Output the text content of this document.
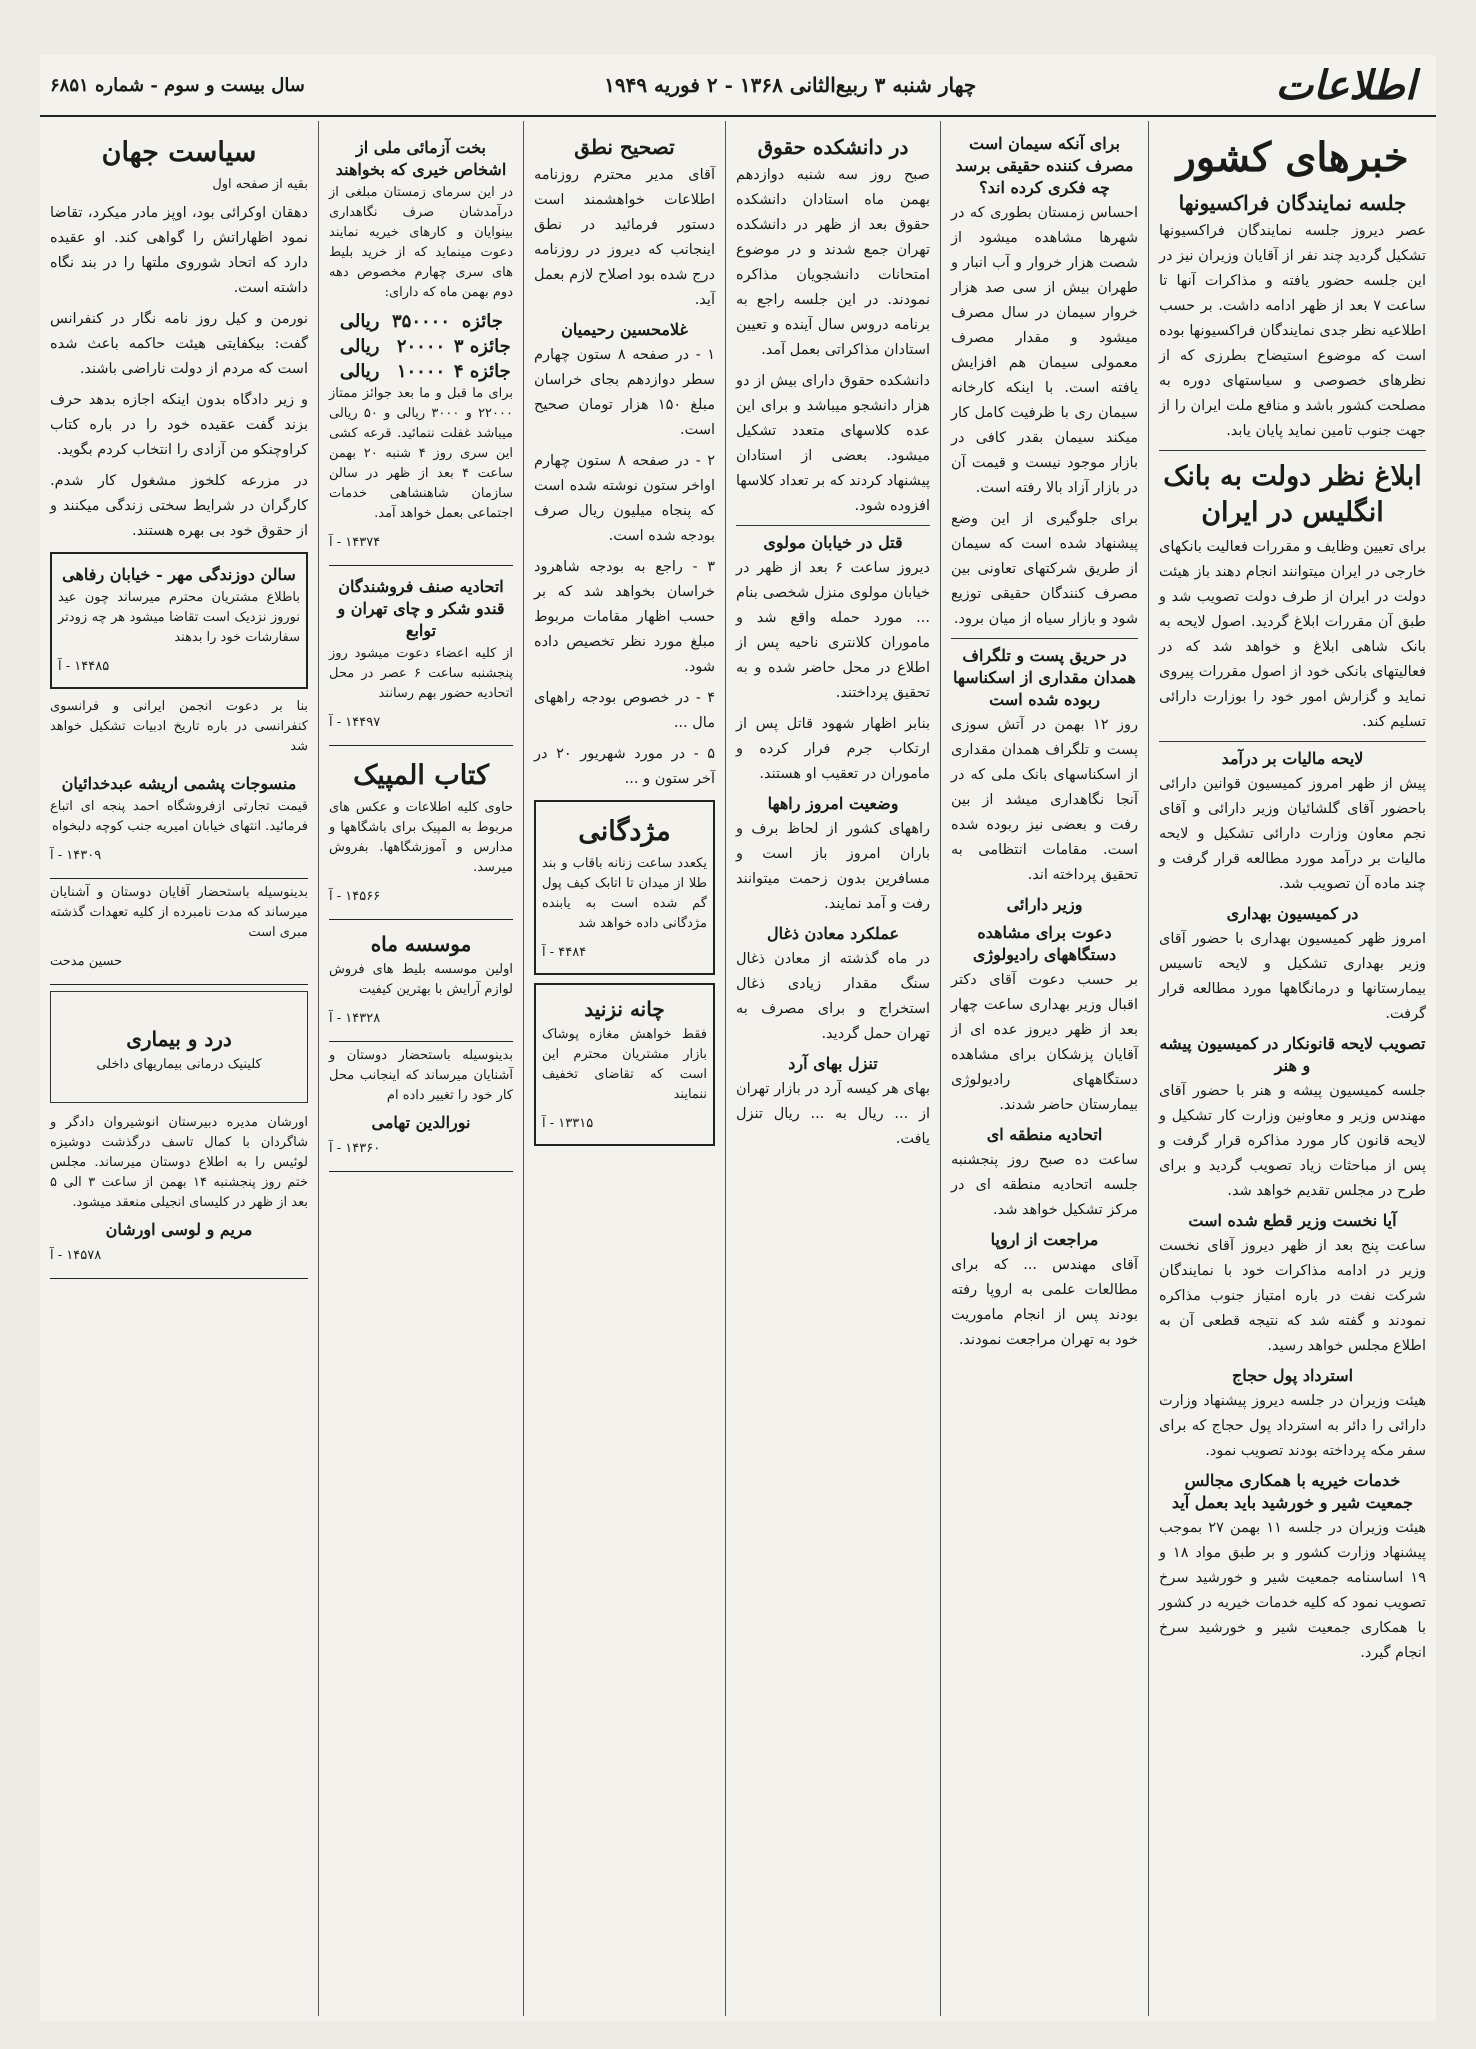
اطلاعات
چهار شنبه ۳ ربیع‌الثانی ۱۳۶۸ - ۲ فوریه ۱۹۴۹
سال بیست و سوم - شماره ۶۸۵۱
خبرهای کشور
جلسه نمایندگان فراکسیونها

عصر دیروز جلسه نمایندگان فراکسیونها تشکیل گردید چند نفر از آقایان وزیران نیز در این جلسه حضور یافته و مذاکرات آنها تا ساعت ۷ بعد از ظهر ادامه داشت. بر حسب اطلاعیه نظر جدی نمایندگان فراکسیونها بوده است که موضوع استیضاح بطرزی که از نظرهای خصوصی و سیاستهای دوره به مصلحت کشور باشد و منافع ملت ایران را از جهت جنوب تامین نماید پایان یابد.

ابلاغ نظر دولت به بانک انگلیس در ایران

برای تعیین وظایف و مقررات فعالیت بانکهای خارجی در ایران میتوانند انجام دهند باز هیئت دولت در ایران از طرف دولت تصویب شد و طبق آن مقررات ابلاغ گردید. اصول لایحه به بانک شاهی ابلاغ و خواهد شد که در فعالیتهای بانکی خود از اصول مقررات پیروی نماید و گزارش امور خود را بوزارت دارائی تسلیم کند.

لایحه مالیات بر درآمد

پیش از ظهر امروز کمیسیون قوانین دارائی باحضور آقای گلشائیان وزیر دارائی و آقای نجم معاون وزارت دارائی تشکیل و لایحه مالیات بر درآمد مورد مطالعه قرار گرفت و چند ماده آن تصویب شد.

در کمیسیون بهداری

امروز ظهر کمیسیون بهداری با حضور آقای وزیر بهداری تشکیل و لایحه تاسیس بیمارستانها و درمانگاهها مورد مطالعه قرار گرفت.

تصویب لایحه قانونکار در کمیسیون پیشه و هنر

جلسه کمیسیون پیشه و هنر با حضور آقای مهندس وزیر و معاونین وزارت کار تشکیل و لایحه قانون کار مورد مذاکره قرار گرفت و پس از مباحثات زیاد تصویب گردید و برای طرح در مجلس تقدیم خواهد شد.

آیا نخست وزیر قطع شده است

ساعت پنج بعد از ظهر دیروز آقای نخست وزیر در ادامه مذاکرات خود با نمایندگان شرکت نفت در باره امتیاز جنوب مذاکره نمودند و گفته شد که نتیجه قطعی آن به اطلاع مجلس خواهد رسید.

استرداد پول حجاج

هیئت وزیران در جلسه دیروز پیشنهاد وزارت دارائی را دائر به استرداد پول حجاج که برای سفر مکه پرداخته بودند تصویب نمود.

خدمات خیریه با همکاری مجالس جمعیت شیر و خورشید باید بعمل آید

هیئت وزیران در جلسه ۱۱ بهمن ۲۷ بموجب پیشنهاد وزارت کشور و بر طبق مواد ۱۸ و ۱۹ اساسنامه جمعیت شیر و خورشید سرخ تصویب نمود که کلیه خدمات خیریه در کشور با همکاری جمعیت شیر و خورشید سرخ انجام گیرد.

برای آنکه سیمان است مصرف کننده حقیقی برسد چه فکری کرده اند؟

احساس زمستان بطوری که در شهرها مشاهده میشود از شصت هزار خروار و آب انبار و طهران بیش از سی صد هزار خروار سیمان در سال مصرف میشود و مقدار مصرف معمولی سیمان هم افزایش یافته است. با اینکه کارخانه سیمان ری با ظرفیت کامل کار میکند سیمان بقدر کافی در بازار موجود نیست و قیمت آن در بازار آزاد بالا رفته است.

برای جلوگیری از این وضع پیشنهاد شده است که سیمان از طریق شرکتهای تعاونی بین مصرف کنندگان حقیقی توزیع شود و بازار سیاه از میان برود.

در حریق پست و تلگراف همدان مقداری از اسکناسها ربوده شده است

روز ۱۲ بهمن در آتش سوزی پست و تلگراف همدان مقداری از اسکناسهای بانک ملی که در آنجا نگاهداری میشد از بین رفت و بعضی نیز ربوده شده است. مقامات انتظامی به تحقیق پرداخته اند.

وزیر دارائی
دعوت برای مشاهده دستگاههای رادیولوژی

بر حسب دعوت آقای دکتر اقبال وزیر بهداری ساعت چهار بعد از ظهر دیروز عده ای از آقایان پزشکان برای مشاهده دستگاههای رادیولوژی بیمارستان حاضر شدند.

اتحادیه منطقه ای

ساعت ده صبح روز پنجشنبه جلسه اتحادیه منطقه ای در مرکز تشکیل خواهد شد.

مراجعت از اروپا

آقای مهندس ... که برای مطالعات علمی به اروپا رفته بودند پس از انجام ماموریت خود به تهران مراجعت نمودند.

در دانشکده حقوق

صبح روز سه شنبه دوازدهم بهمن ماه استادان دانشکده حقوق بعد از ظهر در دانشکده تهران جمع شدند و در موضوع امتحانات دانشجویان مذاکره نمودند. در این جلسه راجع به برنامه دروس سال آینده و تعیین استادان مذاکراتی بعمل آمد.

دانشکده حقوق دارای بیش از دو هزار دانشجو میباشد و برای این عده کلاسهای متعدد تشکیل میشود. بعضی از استادان پیشنهاد کردند که بر تعداد کلاسها افزوده شود.

قتل در خیابان مولوی

دیروز ساعت ۶ بعد از ظهر در خیابان مولوی منزل شخصی بنام ... مورد حمله واقع شد و ماموران کلانتری ناحیه پس از اطلاع در محل حاضر شده و به تحقیق پرداختند.

بنابر اظهار شهود قاتل پس از ارتکاب جرم فرار کرده و ماموران در تعقیب او هستند.

وضعیت امروز راهها

راههای کشور از لحاظ برف و باران امروز باز است و مسافرین بدون زحمت میتوانند رفت و آمد نمایند.

عملکرد معادن ذغال

در ماه گذشته از معادن ذغال سنگ مقدار زیادی ذغال استخراج و برای مصرف به تهران حمل گردید.

تنزل بهای آرد

بهای هر کیسه آرد در بازار تهران از ... ریال به ... ریال تنزل یافت.

تصحیح نطق

آقای مدیر محترم روزنامه اطلاعات خواهشمند است دستور فرمائید در نطق اینجانب که دیروز در روزنامه درج شده بود اصلاح لازم بعمل آید.

غلامحسین رحیمیان

۱ - در صفحه ۸ ستون چهارم سطر دوازدهم بجای خراسان مبلغ ۱۵۰ هزار تومان صحیح است.

۲ - در صفحه ۸ ستون چهارم اواخر ستون نوشته شده است که پنجاه میلیون ریال صرف بودجه شده است.

۳ - راجع به بودجه شاهرود خراسان بخواهد شد که بر حسب اظهار مقامات مربوط مبلغ مورد نظر تخصیص داده شود.

۴ - در خصوص بودجه راههای مال ...

۵ - در مورد شهریور ۲۰ در آخر ستون و ...

مژدگانی

یکعدد ساعت زنانه باقاب و بند طلا از میدان تا اتابک کیف پول گم شده است به یابنده مژدگانی داده خواهد شد

۴۴۸۴ - آ

چانه نزنید

فقط خواهش مغازه پوشاک بازار مشتریان محترم این است که تقاضای تخفیف ننمایند

۱۳۳۱۵ - آ

بخت آزمائی ملی از اشخاص خیری که بخواهند

در این سرمای زمستان مبلغی از درآمدشان صرف نگاهداری بینوایان و کارهای خیریه نمایند دعوت مینماید که از خرید بلیط های سری چهارم مخصوص دهه دوم بهمن ماه که دارای:

جائزه
۳۵۰۰۰۰
ریالی
جائزه ۳
۲۰۰۰۰
ریالی
جائزه ۴
۱۰۰۰۰
ریالی

برای ما قبل و ما بعد جوائز ممتاز ۲۲۰۰۰ و ۳۰۰۰ ریالی و ۵۰ ریالی میباشد غفلت ننمائید. قرعه کشی این سری روز ۴ شنبه ۲۰ بهمن ساعت ۴ بعد از ظهر در سالن سازمان شاهنشاهی خدمات اجتماعی بعمل خواهد آمد.

۱۴۳۷۴ - آ

اتحادیه صنف فروشندگان قندو شکر و چای تهران و توابع

از کلیه اعضاء دعوت میشود روز پنجشنبه ساعت ۶ عصر در محل اتحادیه حضور بهم رسانند

۱۴۴۹۷ - آ

کتاب المپیک

حاوی کلیه اطلاعات و عکس های مربوط به المپیک برای باشگاهها و مدارس و آموزشگاهها. بفروش میرسد.

۱۴۵۶۶ - آ

موسسه ماه

اولین موسسه بلیط های فروش لوازم آرایش با بهترین کیفیت

۱۴۳۲۸ - آ

بدینوسیله باستحضار دوستان و آشنایان میرساند که اینجانب محل کار خود را تغییر داده ام

نورالدین تهامی

۱۴۳۶۰ - آ

سیاست جهان

بقیه از صفحه اول

دهقان اوکرائی بود، اوپز مادر میکرد، تقاضا نمود اظهاراتش را گواهی کند. او عقیده دارد که اتحاد شوروی ملتها را در بند نگاه داشته است.

نورمن و کیل روز نامه نگار در کنفرانس گفت: بیکفایتی هیئت حاکمه باعث شده است که مردم از دولت ناراضی باشند.

و زیر دادگاه بدون اینکه اجازه بدهد حرف بزند گفت عقیده خود را در باره کتاب کراوچنکو من آزادی را انتخاب کردم بگوید.

در مزرعه کلخوز مشغول کار شدم. کارگران در شرایط سختی زندگی میکنند و از حقوق خود بی بهره هستند.

سالن دوزندگی مهر - خیابان رفاهی

باطلاع مشتریان محترم میرساند چون عید نوروز نزدیک است تقاضا میشود هر چه زودتر سفارشات خود را بدهند

۱۴۴۸۵ - آ

بنا بر دعوت انجمن ایرانی و فرانسوی کنفرانسی در باره تاریخ ادبیات تشکیل خواهد شد

منسوجات پشمی اریشه عبدخدائیان

قیمت تجارتی ازفروشگاه احمد پنجه ای اتباع فرمائید. انتهای خیابان امیریه جنب کوچه دلبخواه

۱۴۳۰۹ - آ

بدینوسیله باستحضار آقایان دوستان و آشنایان میرساند که مدت نامبرده از کلیه تعهدات گذشته مبری است

حسین مدحت

درد و بیماری
کلینیک درمانی بیماریهای داخلی

اورشان مدیره دبیرستان انوشیروان دادگر و شاگردان با کمال تاسف درگذشت دوشیزه لوئیس را به اطلاع دوستان میرساند. مجلس ختم روز پنجشنبه ۱۴ بهمن از ساعت ۳ الی ۵ بعد از ظهر در کلیسای انجیلی منعقد میشود.

مریم و لوسی اورشان

۱۴۵۷۸ - آ
